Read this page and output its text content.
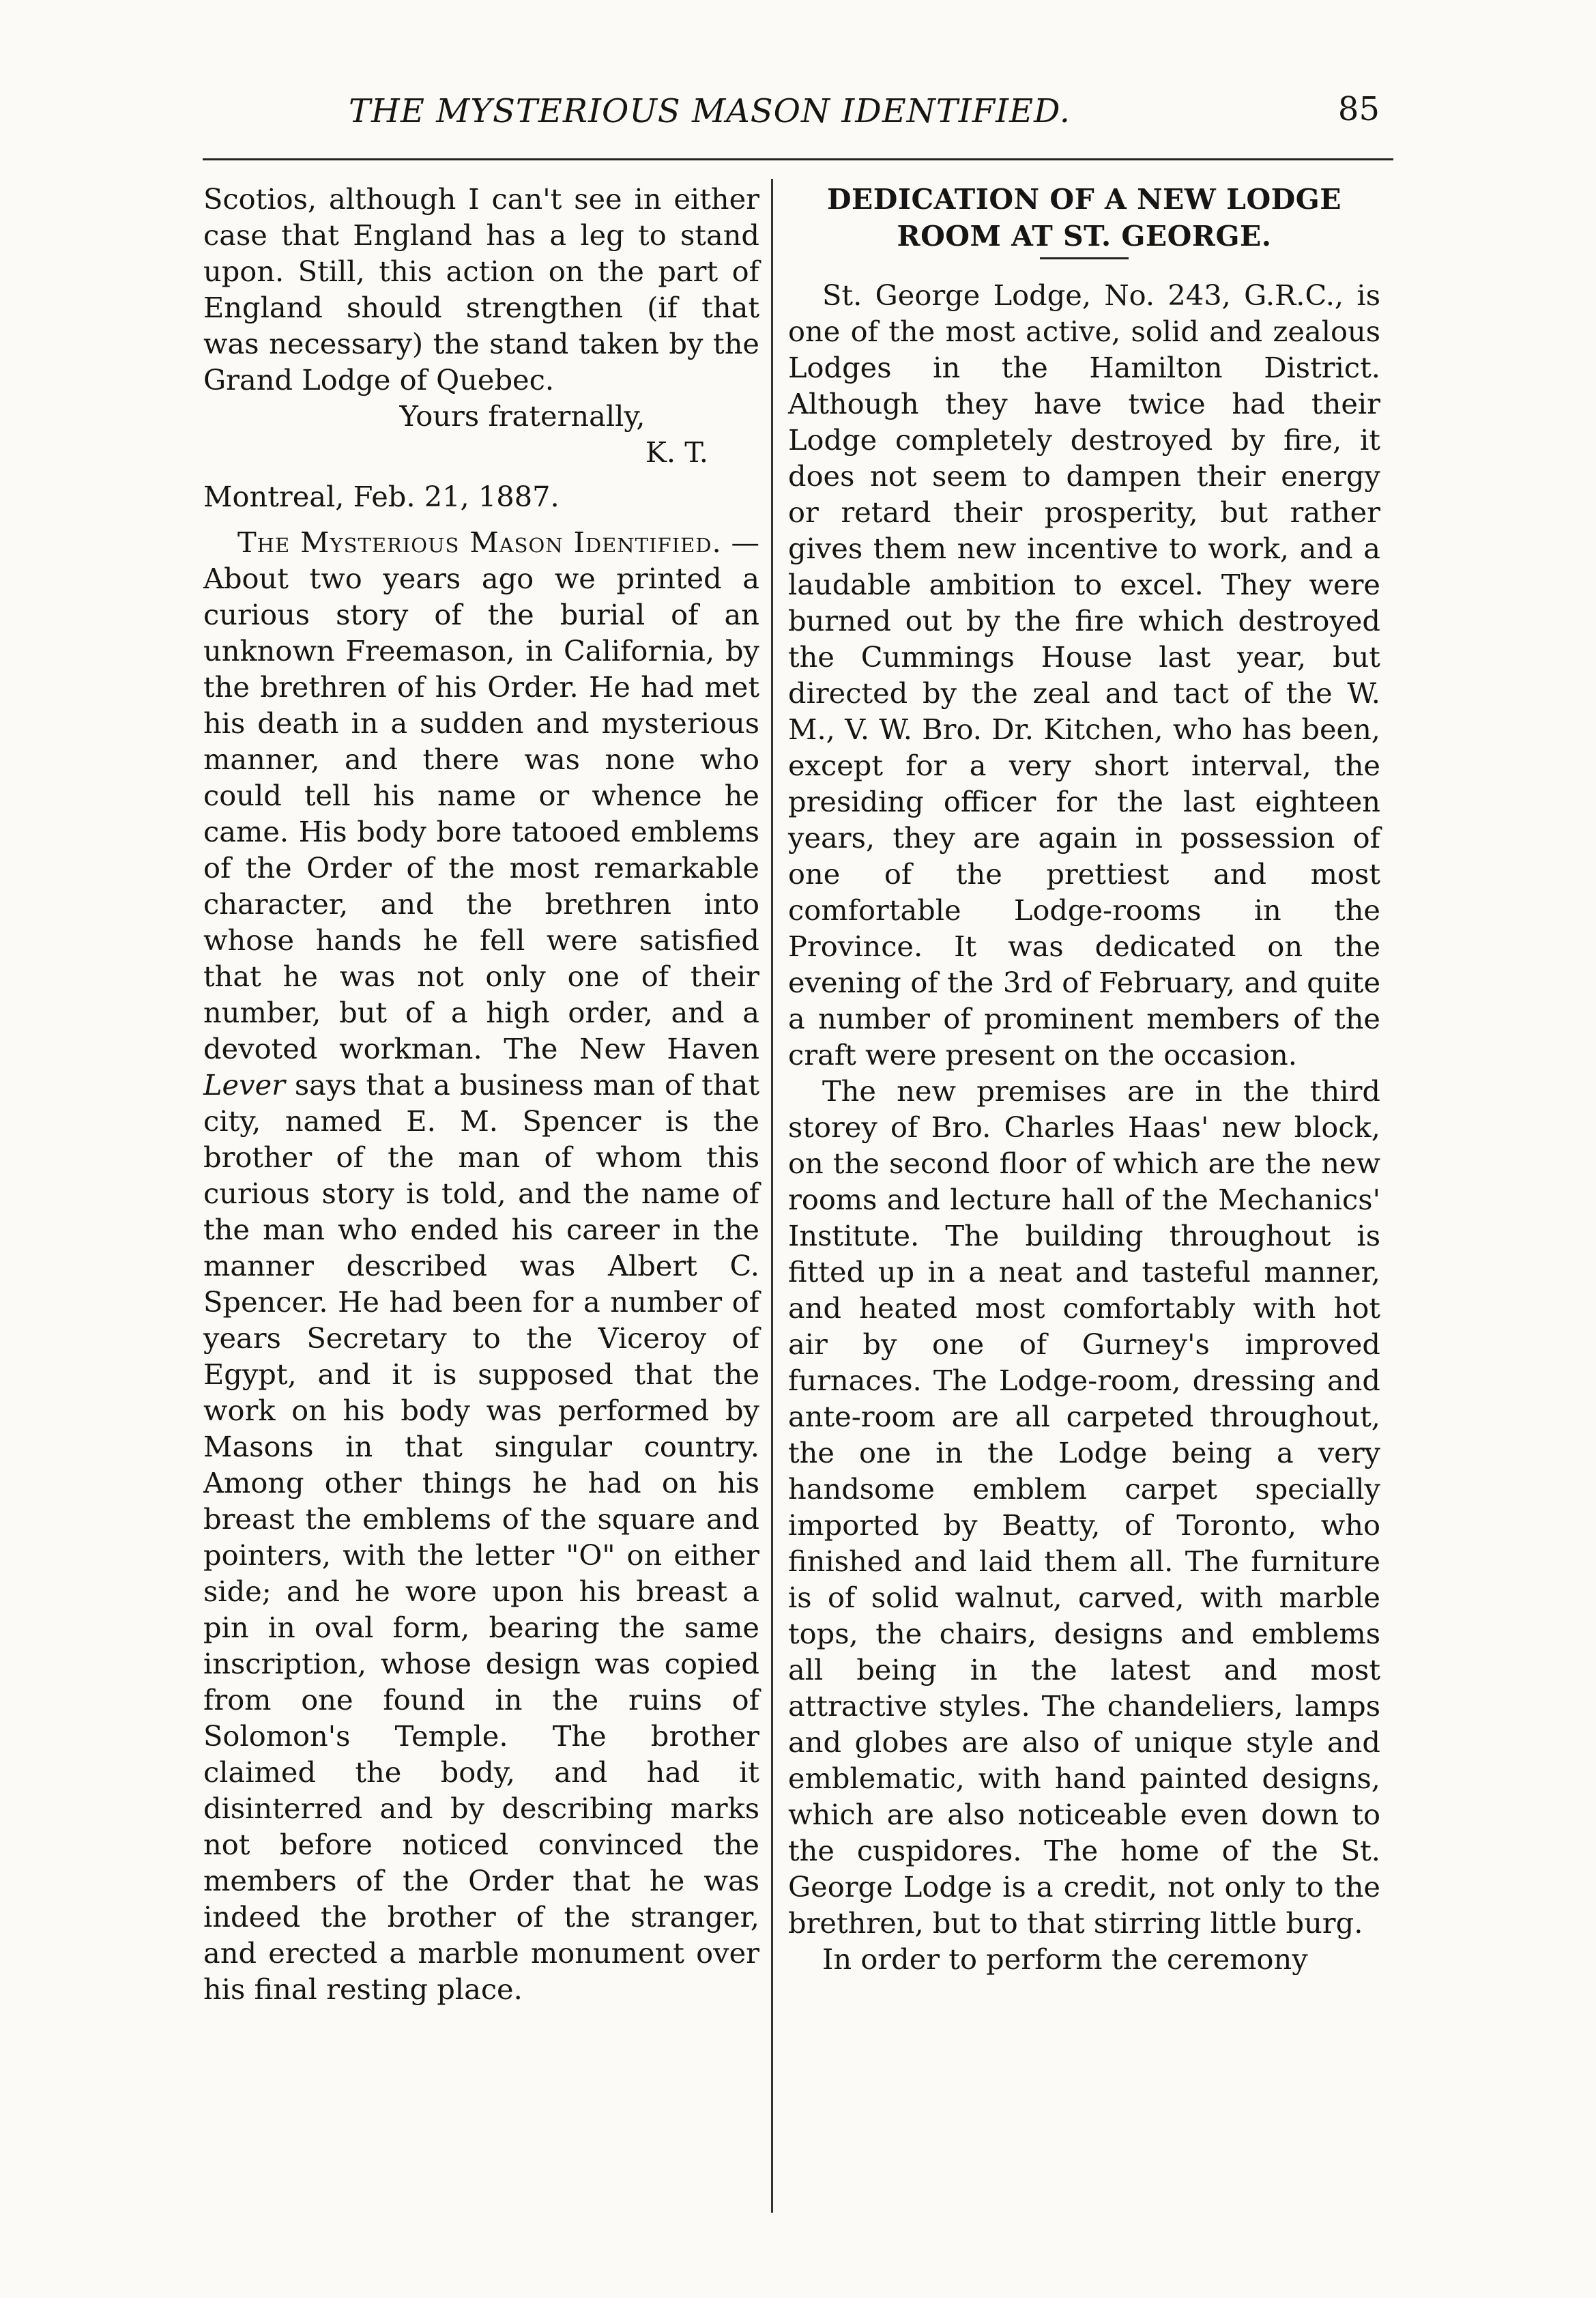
THE MYSTERIOUS MASON IDENTIFIED.	85

Scotios, although I can't see in either case that England has a leg to stand upon. Still, this action on the part of England should strengthen (if that was necessary) the stand taken by the Grand Lodge of Quebec.

Yours fraternally,

K. T.

Montreal, Feb. 21, 1887.

The Mysterious Mason Identified. —About two years ago we printed a curious story of the burial of an unknown Freemason, in California, by the brethren of his Order. He had met his death in a sudden and mysterious manner, and there was none who could tell his name or whence he came. His body bore tatooed emblems of the Order of the most remarkable character, and the brethren into whose hands he fell were satisfied that he was not only one of their number, but of a high order, and a devoted workman. The New Haven Lever says that a business man of that city, named E. M. Spencer is the brother of the man of whom this curious story is told, and the name of the man who ended his career in the manner described was Albert C. Spencer. He had been for a number of years Secretary to the Viceroy of Egypt, and it is supposed that the work on his body was performed by Masons in that singular country. Among other things he had on his breast the emblems of the square and pointers, with the letter "O" on either side; and he wore upon his breast a pin in oval form, bearing the same inscription, whose design was copied from one found in the ruins of Solomon's Temple. The brother claimed the body, and had it disinterred and by describing marks not before noticed convinced the members of the Order that he was indeed the brother of the stranger, and erected a marble monument over his final resting place.

DEDICATION OF A NEW LODGE

ROOM AT ST. GEORGE.

St. George Lodge, No. 243, G.R.C., is one of the most active, solid and zealous Lodges in the Hamilton District. Although they have twice had their Lodge completely destroyed by fire, it does not seem to dampen their energy or retard their prosperity, but rather gives them new incentive to work, and a laudable ambition to excel. They were burned out by the fire which destroyed the Cummings House last year, but directed by the zeal and tact of the W. M., V. W. Bro. Dr. Kitchen, who has been, except for a very short interval, the presiding officer for the last eighteen years, they are again in possession of one of the prettiest and most comfortable Lodge-rooms in the Province. It was dedicated on the evening of the 3rd of February, and quite a number of prominent members of the craft were present on the occasion.

The new premises are in the third storey of Bro. Charles Haas' new block, on the second floor of which are the new rooms and lecture hall of the Mechanics' Institute. The building throughout is fitted up in a neat and tasteful manner, and heated most comfortably with hot air by one of Gurney's improved furnaces. The Lodge-room, dressing and ante-room are all carpeted throughout, the one in the Lodge being a very handsome emblem carpet specially imported by Beatty, of Toronto, who finished and laid them all. The furniture is of solid walnut, carved, with marble tops, the chairs, designs and emblems all being in the latest and most attractive styles. The chandeliers, lamps and globes are also of unique style and emblematic, with hand painted designs, which are also noticeable even down to the cuspidores. The home of the St. George Lodge is a credit, not only to the brethren, but to that stirring little burg.

In order to perform the ceremony
